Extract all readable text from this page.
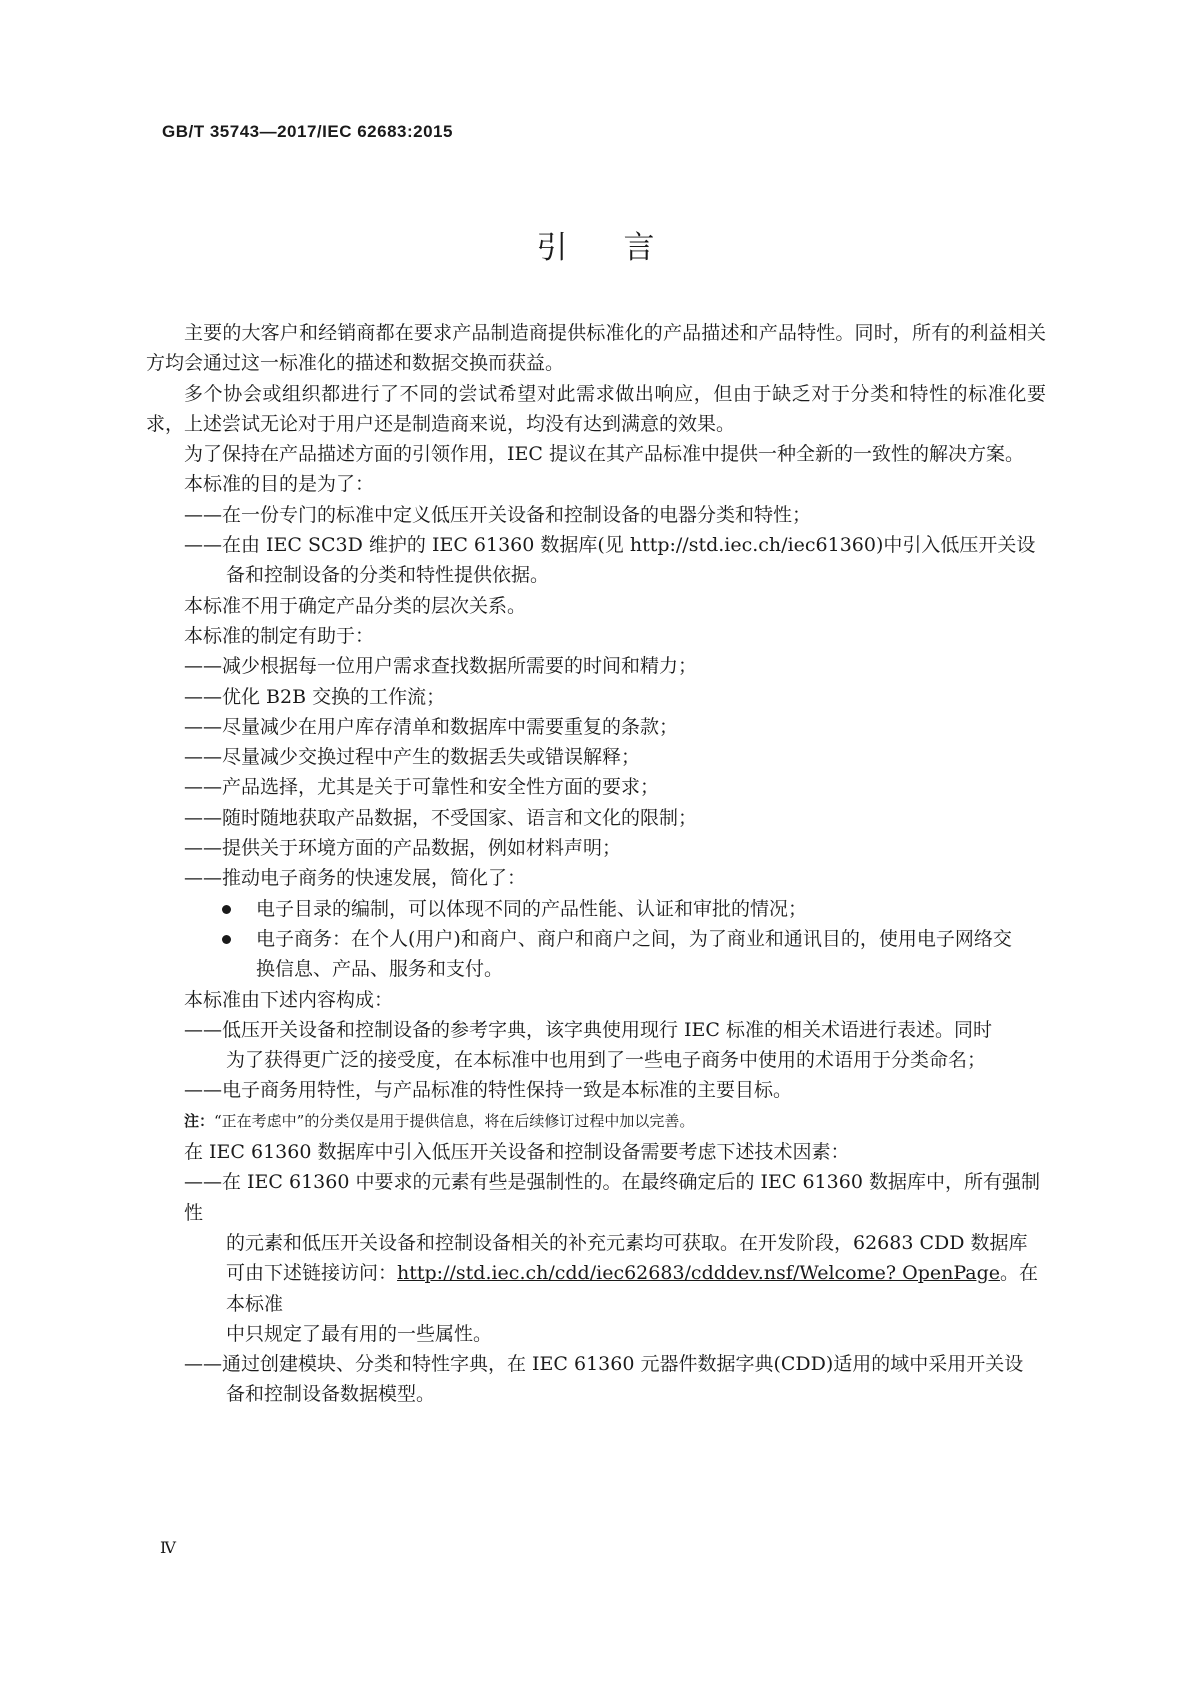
GB/T 35743—2017/IEC 62683:2015
引言

主要的大客户和经销商都在要求产品制造商提供标准化的产品描述和产品特性。同时，所有的利益相关方均会通过这一标准化的描述和数据交换而获益。

多个协会或组织都进行了不同的尝试希望对此需求做出响应，但由于缺乏对于分类和特性的标准化要求，上述尝试无论对于用户还是制造商来说，均没有达到满意的效果。

为了保持在产品描述方面的引领作用，IEC 提议在其产品标准中提供一种全新的一致性的解决方案。

本标准的目的是为了：

——在一份专门的标准中定义低压开关设备和控制设备的电器分类和特性；

——在由 IEC SC3D 维护的 IEC 61360 数据库(见 http://std.iec.ch/iec61360)中引入低压开关设

备和控制设备的分类和特性提供依据。

本标准不用于确定产品分类的层次关系。

本标准的制定有助于：

——减少根据每一位用户需求查找数据所需要的时间和精力；

——优化 B2B 交换的工作流；

——尽量减少在用户库存清单和数据库中需要重复的条款；

——尽量减少交换过程中产生的数据丢失或错误解释；

——产品选择，尤其是关于可靠性和安全性方面的要求；

——随时随地获取产品数据，不受国家、语言和文化的限制；

——提供关于环境方面的产品数据，例如材料声明；

——推动电子商务的快速发展，简化了：

电子目录的编制，可以体现不同的产品性能、认证和审批的情况；

电子商务：在个人(用户)和商户、商户和商户之间，为了商业和通讯目的，使用电子网络交
换信息、产品、服务和支付。

本标准由下述内容构成：

——低压开关设备和控制设备的参考字典，该字典使用现行 IEC 标准的相关术语进行表述。同时

为了获得更广泛的接受度，在本标准中也用到了一些电子商务中使用的术语用于分类命名；

——电子商务用特性，与产品标准的特性保持一致是本标准的主要目标。

注：“正在考虑中”的分类仅是用于提供信息，将在后续修订过程中加以完善。

在 IEC 61360 数据库中引入低压开关设备和控制设备需要考虑下述技术因素：

——在 IEC 61360 中要求的元素有些是强制性的。在最终确定后的 IEC 61360 数据库中，所有强制性

的元素和低压开关设备和控制设备相关的补充元素均可获取。在开发阶段，62683 CDD 数据库

可由下述链接访问：http://std.iec.ch/cdd/iec62683/cdddev.nsf/Welcome? OpenPage。在本标准

中只规定了最有用的一些属性。

——通过创建模块、分类和特性字典，在 IEC 61360 元器件数据字典(CDD)适用的域中采用开关设

备和控制设备数据模型。

Ⅳ
